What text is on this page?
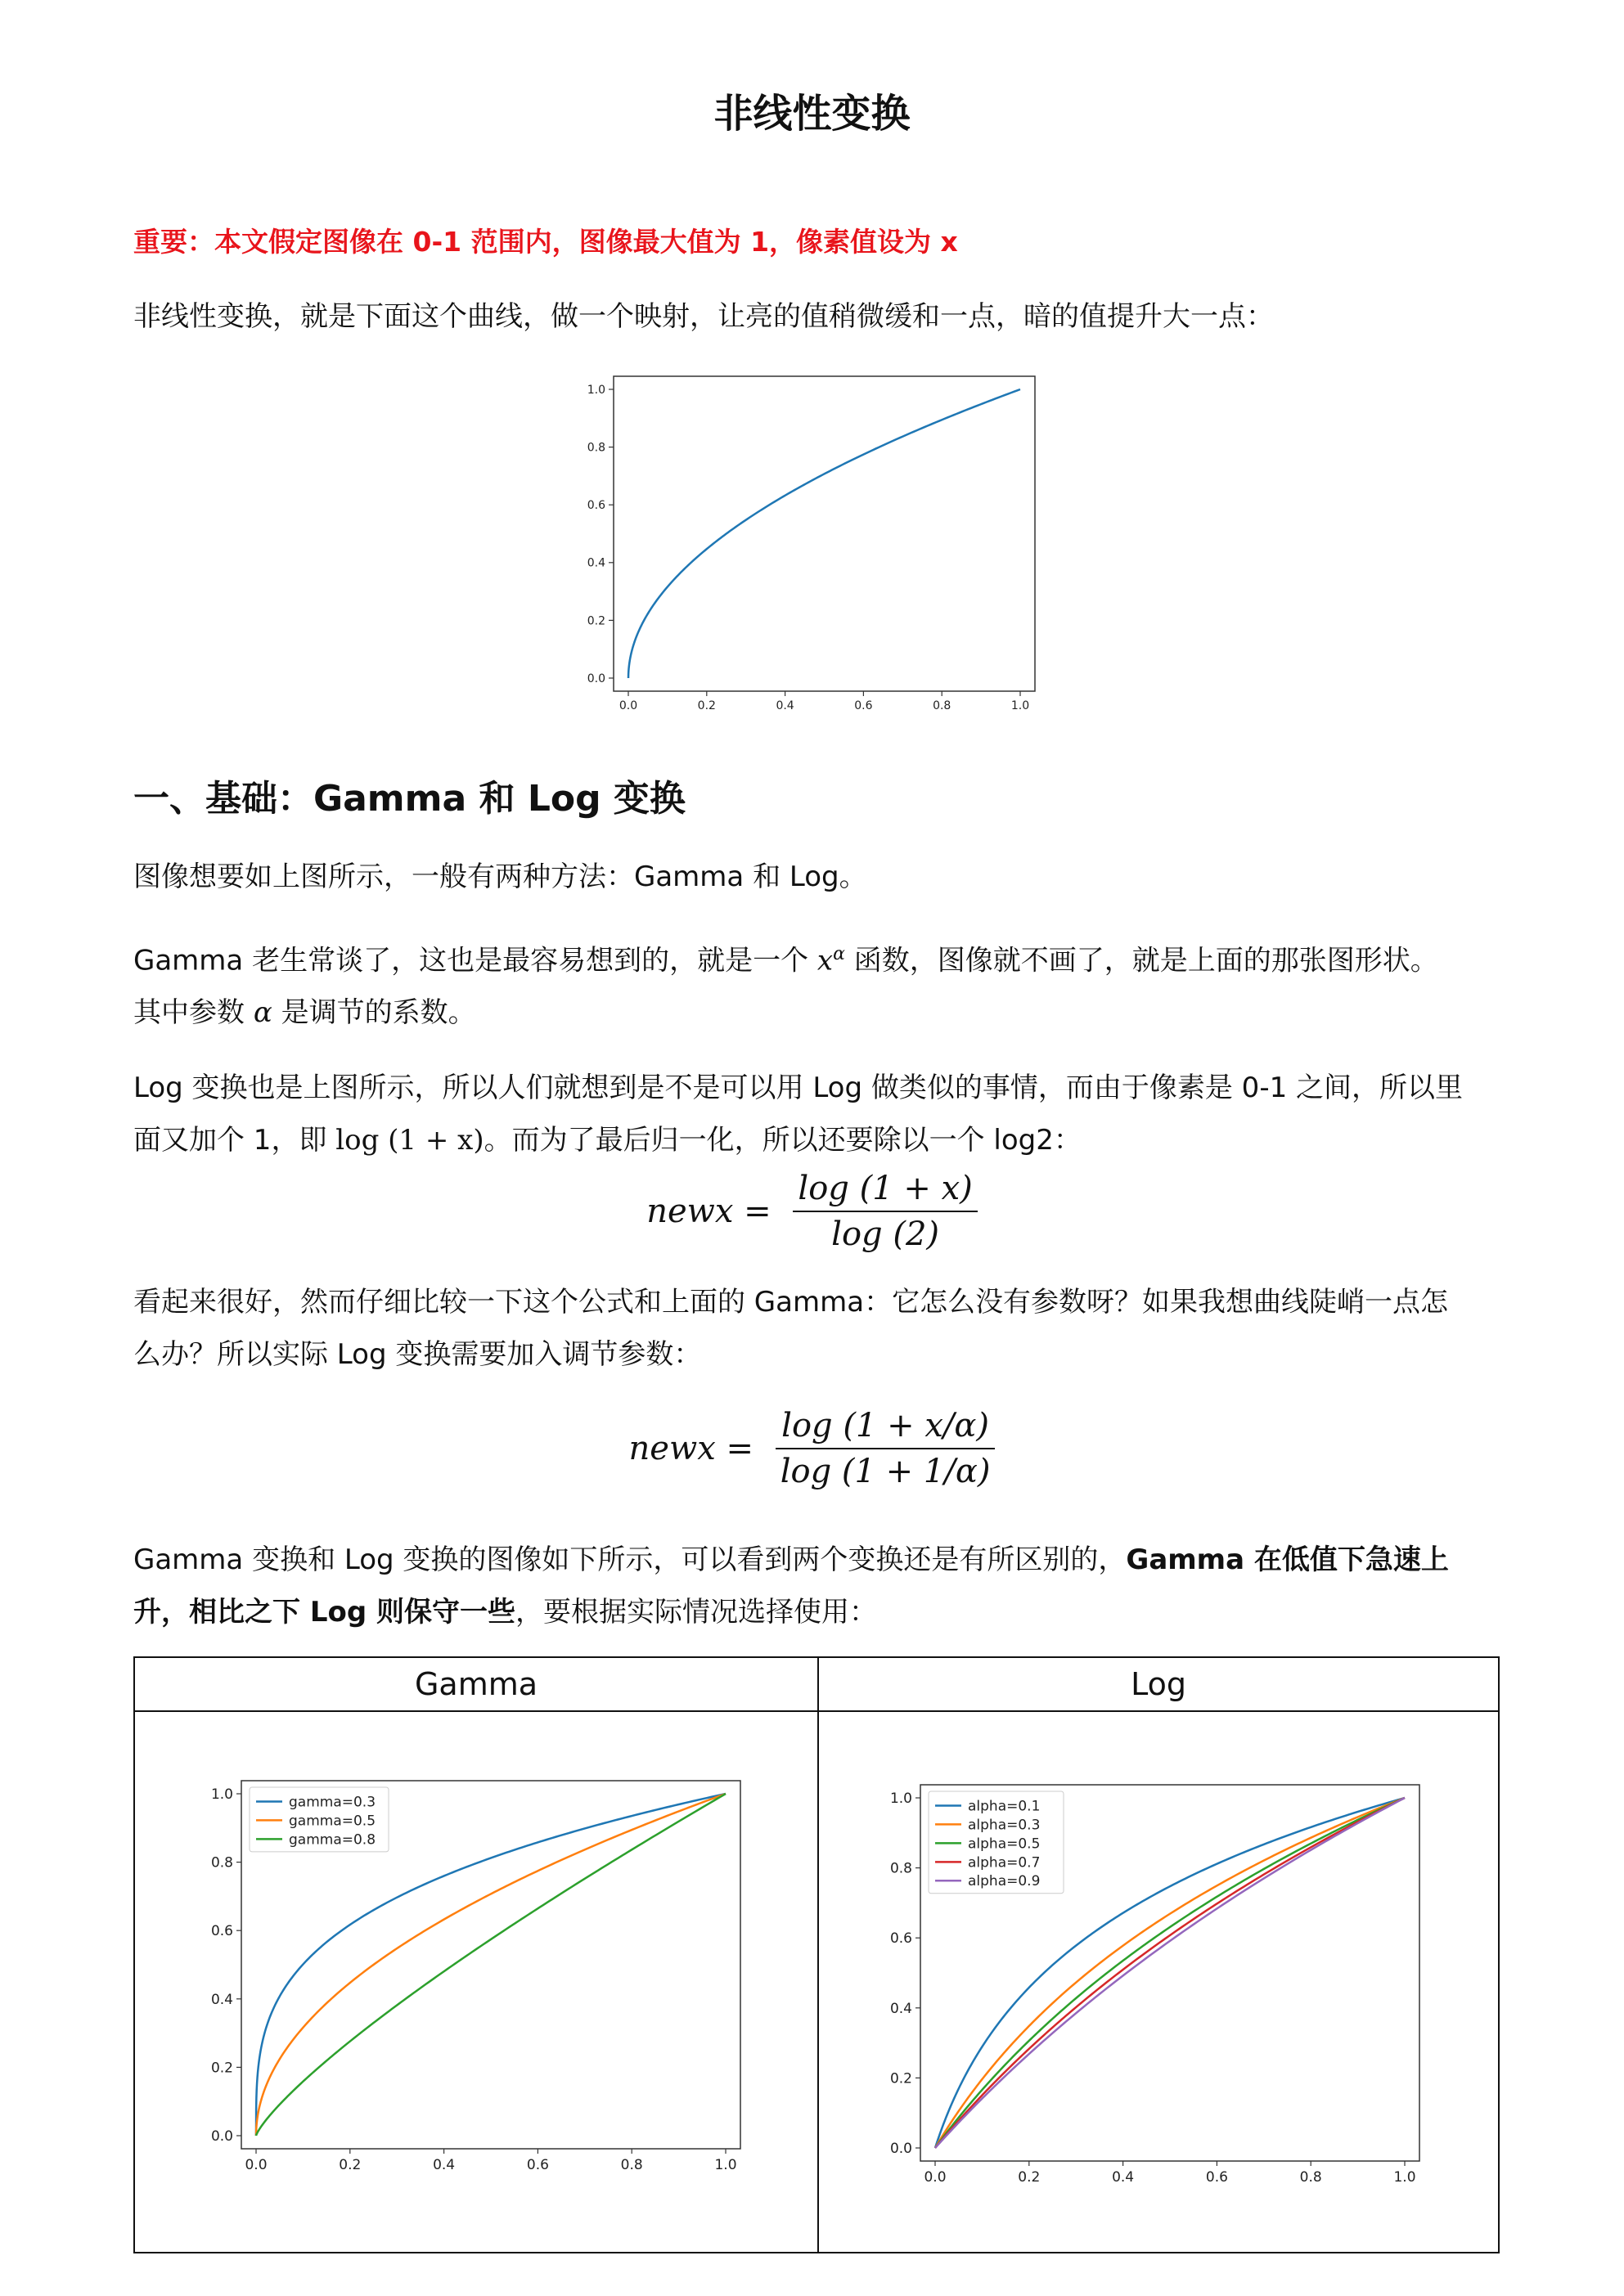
非线性变换
重要：本文假定图像在 0-1 范围内，图像最大值为 1，像素值设为 x
非线性变换，就是下面这个曲线，做一个映射，让亮的值稍微缓和一点，暗的值提升大一点：
0.0	0.2	0.4	0.6	0.8	1.0
0.0
0.2
0.4
0.6
0.8
1.0
一、基础：Gamma 和 Log 变换
图像想要如上图所示，一般有两种方法：Gamma 和 Log。
Gamma 老生常谈了，这也是最容易想到的，就是一个 $x^\alpha$ 函数，图像就不画了，就是上面的那张图形状。
其中参数 α 是调节的系数。
Log 变换也是上图所示，所以人们就想到是不是可以用 Log 做类似的事情，而由于像素是 0-1 之间，所以里
面又加个 1，即 log (1 + x)。而为了最后归一化，所以还要除以一个 log2：
newx = $\frac{\log (1 + x)}{\log (2)}$
看起来很好，然而仔细比较一下这个公式和上面的 Gamma：它怎么没有参数呀？如果我想曲线陡峭一点怎
么办？所以实际 Log 变换需要加入调节参数：
newx = $\frac{\log (1 + x/\alpha)}{\log (1 + 1/\alpha)}$
Gamma 变换和 Log 变换的图像如下所示，可以看到两个变换还是有所区别的，Gamma 在低值下急速上
升，相比之下 Log 则保守一些，要根据实际情况选择使用：
Gamma	Log
0.0	0.2	0.4	0.6	0.8	1.0
0.0
0.2
0.4
0.6
0.8
1.0	gamma=0.3
gamma=0.5
gamma=0.8
0.0	0.2	0.4	0.6	0.8	1.0
0.0
0.2
0.4
0.6
0.8
1.0	alpha=0.1
alpha=0.3
alpha=0.5
alpha=0.7
alpha=0.9
